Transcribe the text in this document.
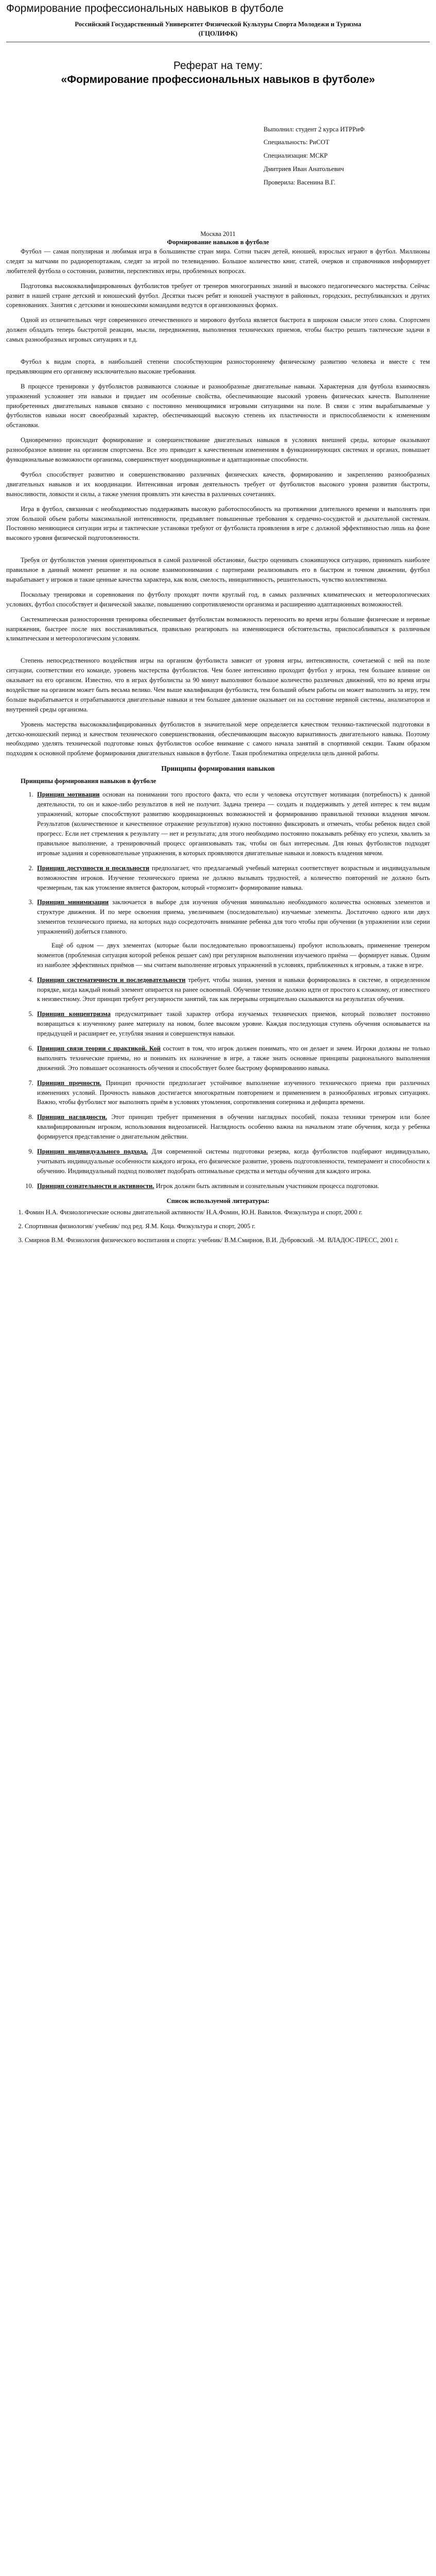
Формирование профессиональных навыков в футболе
Российский Государственный Университет Физической Культуры Спорта Молодежи и Туризма
(ГЦОЛИФК)
Реферат на тему:
«Формирование профессиональных навыков в футболе»
Выполнил: студент 2 курса ИТРРиФ
Специальность: РиСОТ
Специализация: МСКР
Дмитриев Иван Анатольевич
Проверила: Васенина В.Г.
Москва 2011
Формирование навыков в футболе

Футбол — самая популярная и любимая игра в большинстве стран мира. Сотни тысяч детей, юношей, взрослых играют в футбол. Миллионы следят за матчами по радиорепортажам, следят за игрой по телевидению. Большое количество книг, статей, очерков и справочников информирует любителей футбола о состоянии, развитии, перспективах игры, проблемных вопросах.

Подготовка высококвалифицированных футболистов требует от тренеров многогранных знаний и высокого педагогического мастерства. Сейчас развит в нашей стране детский и юношеский футбол. Десятки тысяч ребят и юношей участвуют в районных, городских, республиканских и других соревнованиях. Занятия с детскими и юношескими командами ведутся в организованных формах.

Одной из отличительных черт современного отечественного и мирового футбола является быстрота в широком смысле этого слова. Спортсмен должен обладать теперь быстротой реакции, мысли, передвижения, выполнения технических приемов, чтобы быстро решать тактические задачи в самых разнообразных игровых ситуациях и т.д.

Футбол к видам спорта, в наибольшей степени способствующим разностороннему физическому развитию человека и вместе с тем предъявляющим его организму исключительно высокие требования.

В процессе тренировки у футболистов развиваются сложные и разнообразные двигательные навыки. Характерная для футбола взаимосвязь упражнений усложняет эти навыки и придает им особенные свойства, обеспечивающие высокий уровень физических качеств. Выполнение приобретенных двигательных навыков связано с постоянно меняющимися игровыми ситуациями на поле. В связи с этим вырабатываемые у футболистов навыки носят своеобразный характер, обеспечивающий высокую степень их пластичности и приспособляемости к изменениям обстановки.

Одновременно происходит формирование и совершенствование двигательных навыков в условиях внешней среды, которые оказывают разнообразное влияние на организм спортсмена. Все это приводит к качественным изменениям в функционирующих системах и органах, повышает функциональные возможности организма, совершенствует координационные и адаптационные способности.

Футбол способствует развитию и совершенствованию различных физических качеств, формированию и закреплению разнообразных двигательных навыков и их координации. Интенсивная игровая деятельность требует от футболистов высокого уровня развития быстроты, выносливости, ловкости и силы, а также умения проявлять эти качества в различных сочетаниях.

Игра в футбол, связанная с необходимостью поддерживать высокую работоспособность на протяжении длительного времени и выполнять при этом большой объем работы максимальной интенсивности, предъявляет повышенные требования к сердечно-сосудистой и дыхательной системам. Постоянно меняющиеся ситуации игры и тактические установки требуют от футболиста проявления в игре с должной эффективностью лишь на фоне высокого уровня физической подготовленности.

Требуя от футболистов умения ориентироваться в самой различной обстановке, быстро оценивать сложившуюся ситуацию, принимать наиболее правильное в данный момент решение и на основе взаимопонимания с партнерами реализовывать его в быстром и точном движении, футбол вырабатывает у игроков и такие ценные качества характера, как воля, смелость, инициативность, решительность, чувство коллективизма.

Поскольку тренировки и соревнования по футболу проходят почти круглый год, в самых различных климатических и метеорологических условиях, футбол способствует и физической закалке, повышению сопротивляемости организма и расширению адаптационных возможностей.

Систематическая разносторонняя тренировка обеспечивает футболистам возможность переносить во время игры большие физические и нервные напряжения, быстрее после них восстанавливаться, правильно реагировать на изменяющиеся обстоятельства, приспосабливаться к различным климатическим и метеорологическим условиям.

Степень непосредственного воздействия игры на организм футболиста зависит от уровня игры, интенсивности, сочетаемой с ней на поле ситуации, соответствии его команде, уровень мастерства футболистов. Чем более интенсивно проходит футбол у игрока, тем большее влияние он оказывает на его организм. Известно, что в играх футболисты за 90 минут выполняют большое количество различных движений, что во время игры воздействие на организм может быть весьма велико. Чем выше квалификация футболиста, тем больший объем работы он может выполнить за игру, тем больше вырабатывается и отрабатываются двигательные навыки и тем большее давление оказывает он на состояние нервной системы, анализаторов и внутренней среды организма.

Уровень мастерства высококвалифицированных футболистов в значительной мере определяется качеством технико-тактической подготовки в детско-юношеский период и качеством технического совершенствования, обеспечивающим высокую вариативность двигательного навыка. Поэтому необходимо уделять технической подготовке юных футболистов особое внимание с самого начала занятий в спортивной секции. Таким образом подходим к основной проблеме формирования двигательных навыков в футболе. Такая проблематика определила цель данной работы.

Принципы формирования навыков
Принципы формирования навыков в футболе
1. Принцип мотивации основан на понимании того простого факта, что если у человека отсутствует мотивация (потребность) к данной деятельности, то он и какое-либо результатов в ней не получит. Задача тренера — создать и поддерживать у детей интерес к тем видам упражнений, которые способствуют развитию координационных возможностей и формированию правильной техники владения мячом. Результатов (количественное и качественное отражение результатов) нужно постоянно фиксировать и отмечать, чтобы ребенок видел свой прогресс. Если нет стремления к результату — нет и результата; для этого необходимо постоянно показывать ребёнку его успехи, хвалить за правильное выполнение, а тренировочный процесс организовывать так, чтобы он был интересным. Для юных футболистов подходят игровые задания и соревновательные упражнения, в которых проявляются двигательные навыки и ловкость владения мячом.
2. Принцип доступности и посильности предполагает, что предлагаемый учебный материал соответствует возрастным и индивидуальным возможностям игроков. Изучение технического приема не должно вызывать трудностей, а количество повторений не должно быть чрезмерным, так как утомление является фактором, который «тормозит» формирование навыка.
3. Принцип минимизации заключается в выборе для изучения обучения минимально необходимого количества основных элементов и структуре движения. И по мере освоения приема, увеличиваем (последовательно) изучаемые элементы. Достаточно одного или двух элементов технического приема, на которых надо сосредоточить внимание ребенка для того чтобы при обучении (в упражнении или серии упражнений) добиться главного.

Ещё об одном — двух элементах (которые были последовательно провозглашены) пробуют использовать, применение тренером моментов (проблемная ситуация которой ребенок решает сам) при регулярном выполнении изучаемого приёма — формирует навык. Одним из наиболее эффективных приёмов — мы считаем выполнение игровых упражнений в условиях, приближенных к игровым, а также в игре.

4. Принцип систематичности и последовательности требует, чтобы знания, умения и навыки формировались в системе, в определенном порядке, когда каждый новый элемент опирается на ранее освоенный. Обучение технике должно идти от простого к сложному, от известного к неизвестному. Этот принцип требует регулярности занятий, так как перерывы отрицательно сказываются на результатах обучения.
5. Принцип концентризма предусматривает такой характер отбора изучаемых технических приемов, который позволяет постоянно возвращаться к изученному ранее материалу на новом, более высоком уровне. Каждая последующая ступень обучения основывается на предыдущей и расширяет ее, углубляя знания и совершенствуя навыки.
6. Принцип связи теории с практикой. Кой состоит в том, что игрок должен понимать, что он делает и зачем. Игроки должны не только выполнять технические приемы, но и понимать их назначение в игре, а также знать основные принципы рационального выполнения движений. Это повышает осознанность обучения и способствует более быстрому формированию навыка.
7. Принцип прочности. Принцип прочности предполагает устойчивое выполнение изученного технического приема при различных изменениях условий. Прочность навыков достигается многократным повторением и применением в разнообразных игровых ситуациях. Важно, чтобы футболист мог выполнять приём в условиях утомления, сопротивления соперника и дефицита времени.
8. Принцип наглядности. Этот принцип требует применения в обучении наглядных пособий, показа техники тренером или более квалифицированным игроком, использования видеозаписей. Наглядность особенно важна на начальном этапе обучения, когда у ребенка формируется представление о двигательном действии.
9. Принцип индивидуального подхода. Для современной системы подготовки резерва, когда футболистов подбирают индивидуально, учитывать индивидуальные особенности каждого игрока, его физическое развитие, уровень подготовленности, темперамент и способности к обучению. Индивидуальный подход позволяет подобрать оптимальные средства и методы обучения для каждого игрока.
10. Принцип сознательности и активности. Игрок должен быть активным и сознательным участником процесса подготовки.
Список используемой литературы:
1. Фомин Н.А. Физиологические основы двигательной активности/ Н.А.Фомин, Ю.Н. Вавилов. Физкультура и спорт, 2000 г.
2. Спортивная физиология/ учебник/ под ред. Я.М. Коца. Физкультура и спорт, 2005 г.
3. Смирнов В.М. Физиология физического воспитания и спорта: учебник/ В.М.Смирнов, В.И. Дубровский. -М. ВЛАДОС-ПРЕСС, 2001 г.
